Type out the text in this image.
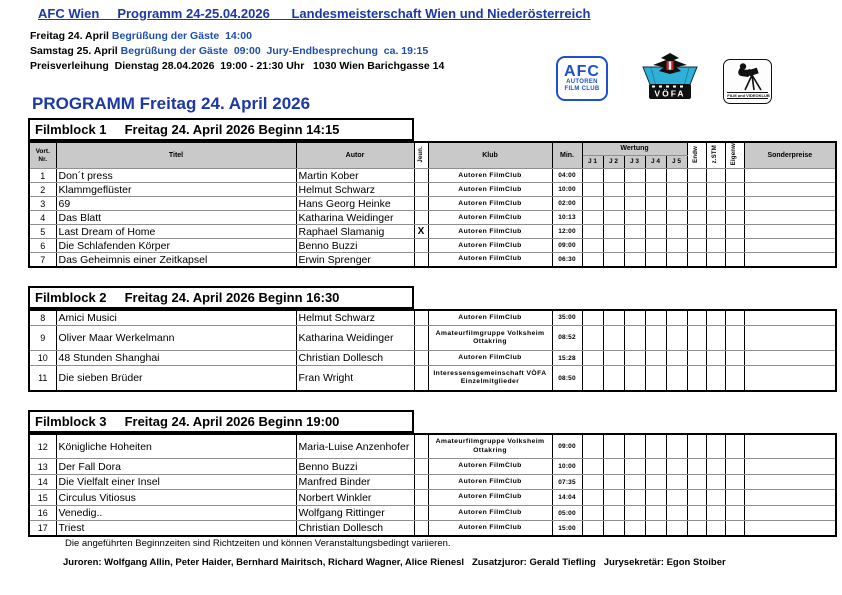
AFC Wien     Programm 24-25.04.2026      Landesmeisterschaft Wien und Niederösterreich
Freitag 24. April Begrüßung der Gäste  14:00
Samstag 25. April Begrüßung der Gäste  09:00  Jury-Endbesprechung  ca. 19:15
Preisverleihung  Dienstag 28.04.2026  19:00 - 21:30 Uhr   1030 Wien Barichgasse 14	AFC
AUTOREN
FILM CLUB	VÖFA	FILM und VIDEOKLUB
PROGRAMM Freitag 24. April 2026
Filmblock 1     Freitag 24. April 2026 Beginn 14:15
Vort.
Nr.	Titel	Autor	Jeun.	Klub	Min.	Wertung					Endw	z.STM	Eigenw	Sonderpreise
						J 1	J 2	J 3	J 4	J 5				
1	Don´t press	Martin Kober		Autoren FilmClub	04:00									
2	Klammgeflüster	Helmut Schwarz		Autoren FilmClub	10:00									
3	69	Hans Georg Heinke		Autoren FilmClub	02:00									
4	Das Blatt	Katharina Weidinger		Autoren FilmClub	10:13									
5	Last Dream of Home	Raphael Slamanig	X	Autoren FilmClub	12:00									
6	Die Schlafenden Körper	Benno Buzzi		Autoren FilmClub	09:00									
7	Das Geheimnis einer Zeitkapsel	Erwin Sprenger		Autoren FilmClub	06:30									
Filmblock 2     Freitag 24. April 2026 Beginn 16:30
8	Amici Musici	Helmut Schwarz		Autoren FilmClub	35:00									
9	Oliver Maar Werkelmann	Katharina Weidinger		Amateurfilmgruppe Volksheim Ottakring	08:52									
10	48 Stunden Shanghai	Christian Dollesch		Autoren FilmClub	15:28									
11	Die sieben Brüder	Fran Wright		Interessensgemeinschaft VÖFA Einzelmitglieder	08:50									
Filmblock 3     Freitag 24. April 2026 Beginn 19:00
12	Königliche Hoheiten	Maria-Luise Anzenhofer		Amateurfilmgruppe Volksheim Ottakring	09:00									
13	Der Fall Dora	Benno Buzzi		Autoren FilmClub	10:00									
14	Die Vielfalt einer Insel	Manfred Binder		Autoren FilmClub	07:35									
15	Circulus Vitiosus	Norbert Winkler		Autoren FilmClub	14:04									
16	Venedig..	Wolfgang Rittinger		Autoren FilmClub	05:00									
17	Triest	Christian Dollesch		Autoren FilmClub	15:00									
Die angeführten Beginnzeiten sind Richtzeiten und können Veranstaltungsbedingt variieren.
Juroren: Wolfgang Allin, Peter Haider, Bernhard Mairitsch, Richard Wagner, Alice Rienesl   Zusatzjuror: Gerald Tiefling   Jurysekretär: Egon Stoiber
